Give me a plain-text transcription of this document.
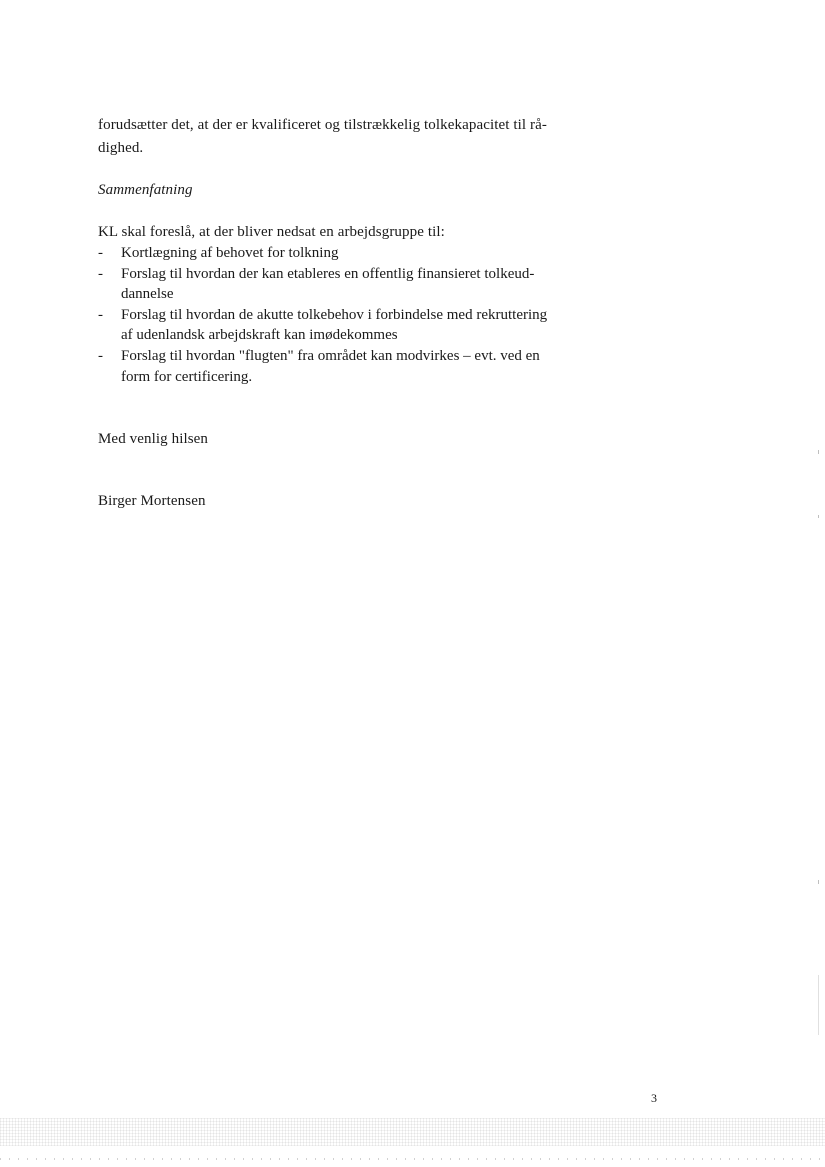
forudsætter det, at der er kvalificeret og tilstrækkelig tolkekapacitet til rå-
dighed.
Sammenfatning
KL skal foreslå, at der bliver nedsat en arbejdsgruppe til:
- Kortlægning af behovet for tolkning
- Forslag til hvordan der kan etableres en offentlig finansieret tolkeud-
dannelse
- Forslag til hvordan de akutte tolkebehov i forbindelse med rekruttering
af udenlandsk arbejdskraft kan imødekommes
- Forslag til hvordan "flugten" fra området kan modvirkes – evt. ved en
form for certificering.
Med venlig hilsen
Birger Mortensen
3
